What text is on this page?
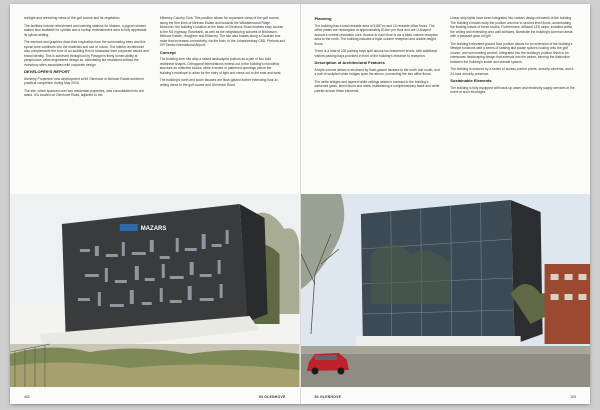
sunlight and refreshing views of the golf course and its vegetation.

The facilities include refreshment and catering stations for Makers, a pigeon shower station also available for cyclists and a rooftop entertainment area to fully appreciate its sylvan setting.

The interiors and graphics draw their inspiration from the surrounding trees and this sylvan tone continues into the materials and use of colour. The interior architecture also complements the tone of an auditing firm to showcase their corporate values and brand identity. This is achieved throughout by Paragon's finely honed ability at perspicuous value-engineered design so, stimulating but restrained without the monotony often associated with corporate design.

DEVELOPER'S REPORT

Alchemy Properties' new development at 54 Glenhove in Melrose Estate achieved practical completion during May 2018.

The site, which spanned over two residential properties, was consolidated into one stand. It is located on Glenhove Road, adjacent to the

Killarney Country Club. This position allows for expansive views of the golf course, along the tree lines of Melrose Estate and towards the Witwatersrand Ridge. Moreover, the building's location at the base of Glenhove Road enables easy access to the M1 highway, Rosebank, as well as the neighbouring suburbs of Birdhaven, Melrose Estate, Houghton and Killarney. The site also boasts along a Gautrain bus route that increases connectivity, via the train, to the Johannesburg CBD, Pretoria and OR Tambo International Airport.

Concept

The building form sits atop a raised landscaped podium as a pair of two bold rectilinear shapes. Orthogonal fenestrations extend out of the building's monolithic structure as reflective blocks, while a series of patterned openings pierce the building's envelope to allow for the entry of light and views out to the east and west.

The building's north and south facades are flush-glazed further extending floor-to-ceiling views to the golf course and Glenhove Road.

MAZARS
402	54 GLENHOVE
Planning

The building has a total rentable area of 5,887m² and 10 rentable office floors. The office plates are rectangular at approximately 610m² per floor and are U-shaped around a central circulation core. Access to each floor is via a triple-volume reception area to the north. The building includes a triple-volume reception and double-height floors.

There is a total of 226 parking bays split across two basement levels, with additional visitors parking bays provided in front of the building's entrance to reception.

Description of Architectural Features

A triple-volume atrium is enclosed by flush-glazed facades to the north and south, and a pair of sculpted white bridges span the atrium, connecting the two office floors.

The white bridges and layered white ceilings assist in contrast to the building's darkened glass, timed floors and walls, establishing a complementary black and white palette across these elements.

Linear strip lights have been integrated into various design elements of the building. The building's blocks wrap the podium and rise to second level floors, accentuating the floating nature of these blocks. Furthermore, diffused LED strips, installed within the ceiling and extending onto wall surfaces, illuminate the building's common areas with a pleasant glow of light.

The building's elevated ground floor podium allows for an extension of the building's lifestyle functions with a series of seating and pause spaces looking onto the golf course, and surrounding context. Integrated into the building's podium finish is an interwoven landscaping design that extends into the atrium, blurring the distinction between the building's inside and outside spaces.

The building is secured by a series of access-control points, security cameras, and a 24-hour security presence.

Sustainable Elements

The building is fully equipped with back-up water and electricity supply services in the event of such shortages.

54 GLENHOVE	103
